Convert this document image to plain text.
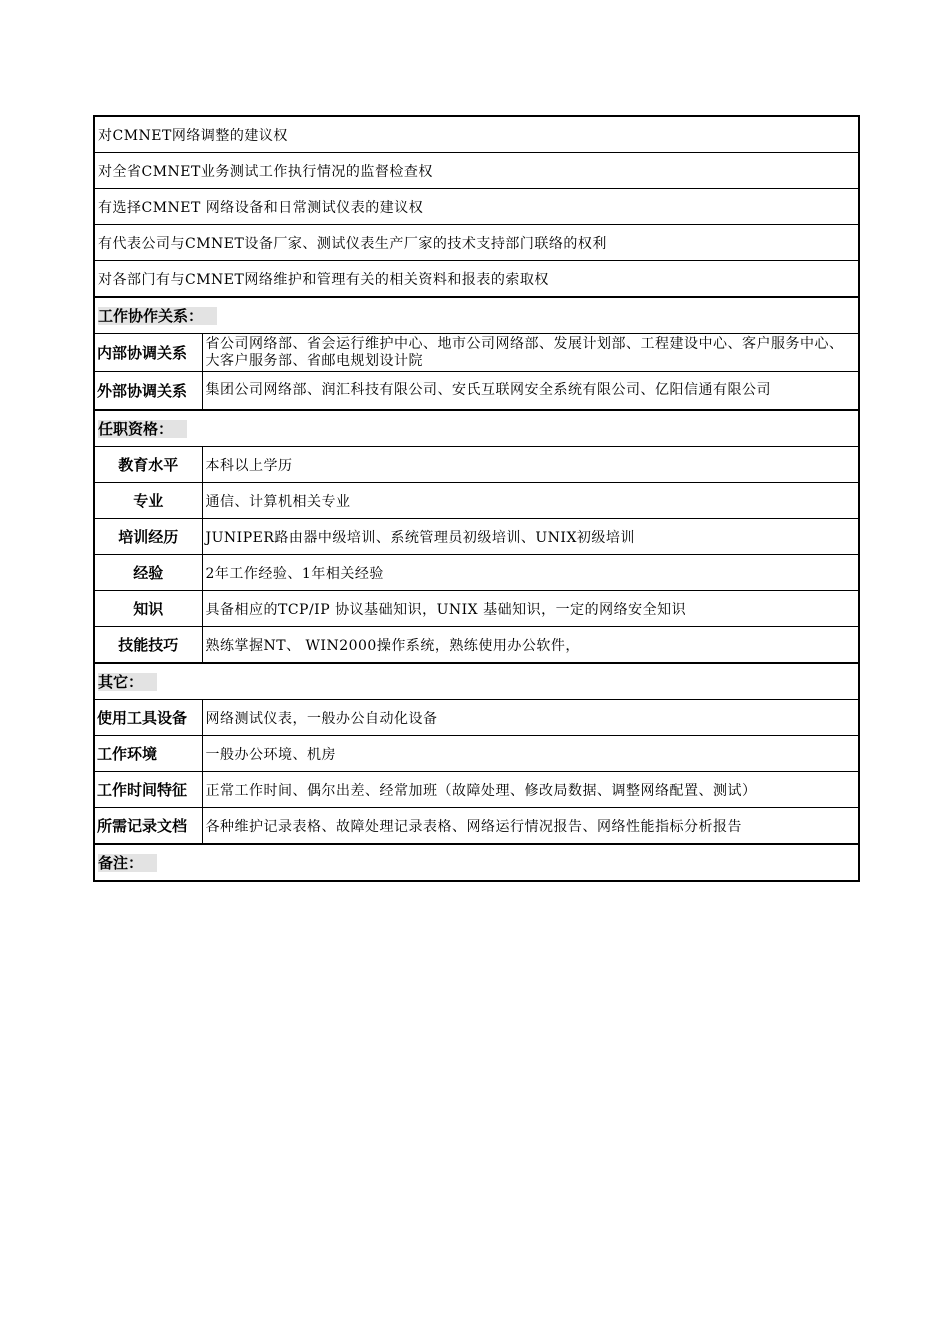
对CMNET网络调整的建议权	
对全省CMNET业务测试工作执行情况的监督检查权	
有选择CMNET 网络设备和日常测试仪表的建议权	
有代表公司与CMNET设备厂家、测试仪表生产厂家的技术支持部门联络的权利	
对各部门有与CMNET网络维护和管理有关的相关资料和报表的索取权	
工作协作关系：	
内部协调关系	省公司网络部、省会运行维护中心、地市公司网络部、发展计划部、工程建设中心、客户服务中心、大客户服务部、省邮电规划设计院
外部协调关系	集团公司网络部、润汇科技有限公司、安氏互联网安全系统有限公司、亿阳信通有限公司
任职资格：	
教育水平	本科以上学历
专业	通信、计算机相关专业
培训经历	JUNIPER路由器中级培训、系统管理员初级培训、UNIX初级培训
经验	2年工作经验、1年相关经验
知识	具备相应的TCP/IP 协议基础知识，UNIX 基础知识，一定的网络安全知识
技能技巧	熟练掌握NT、 WIN2000操作系统，熟练使用办公软件，
其它：	
使用工具设备	网络测试仪表，一般办公自动化设备
工作环境	一般办公环境、机房
工作时间特征	正常工作时间、偶尔出差、经常加班（故障处理、修改局数据、调整网络配置、测试）
所需记录文档	各种维护记录表格、故障处理记录表格、网络运行情况报告、网络性能指标分析报告
备注：	
